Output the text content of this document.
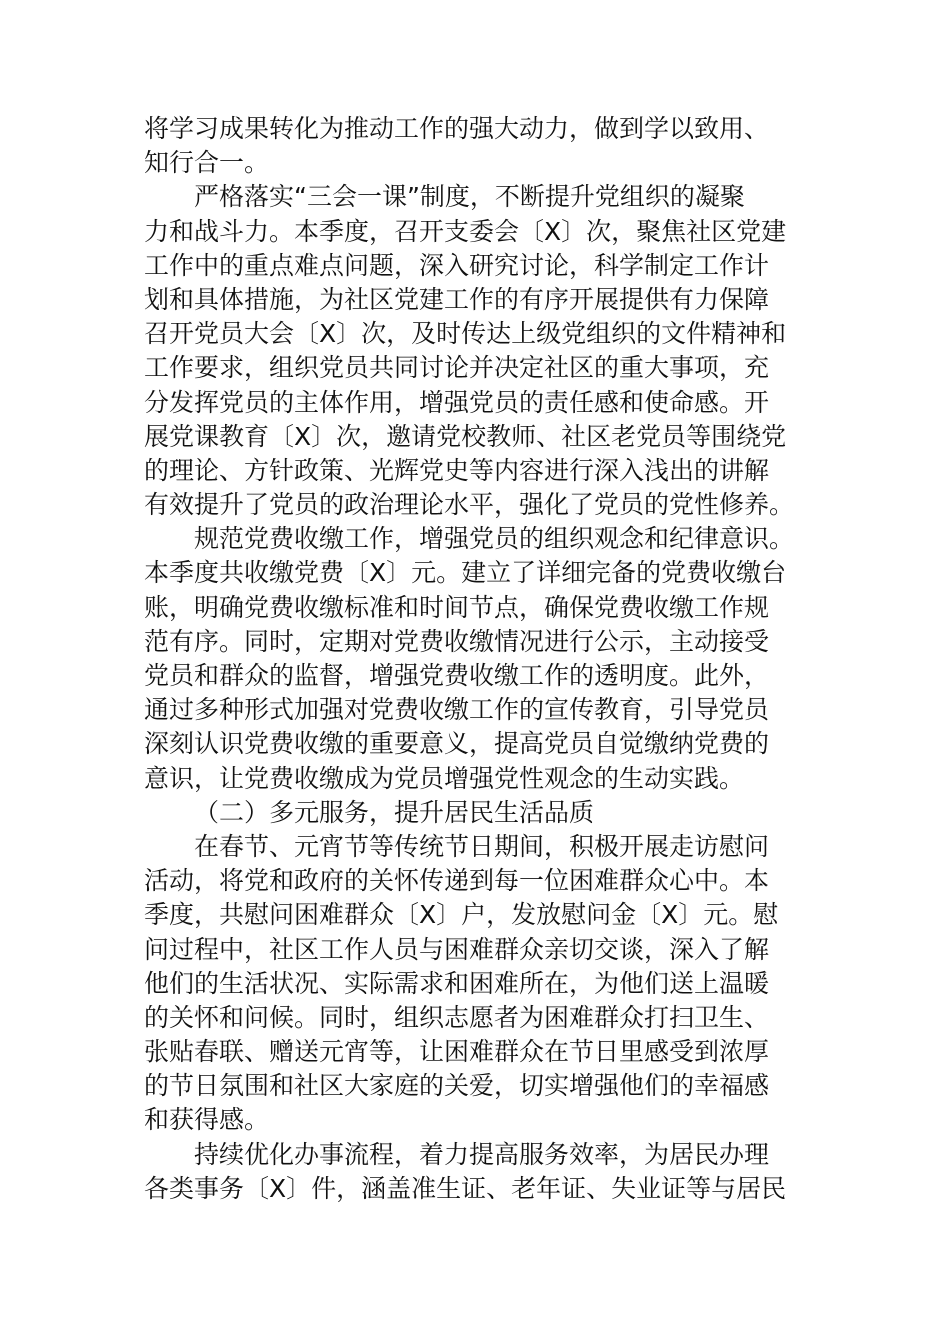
将学习成果转化为推动工作的强大动力，做到学以致用、
知行合一。
严格落实“三会一课”制度，不断提升党组织的凝聚
力和战斗力。本季度，召开支委会〔X〕次，聚焦社区党建
工作中的重点难点问题，深入研究讨论，科学制定工作计
划和具体措施，为社区党建工作的有序开展提供有力保障
召开党员大会〔X〕次，及时传达上级党组织的文件精神和
工作要求，组织党员共同讨论并决定社区的重大事项，充
分发挥党员的主体作用，增强党员的责任感和使命感。开
展党课教育〔X〕次，邀请党校教师、社区老党员等围绕党
的理论、方针政策、光辉党史等内容进行深入浅出的讲解
有效提升了党员的政治理论水平，强化了党员的党性修养。
规范党费收缴工作，增强党员的组织观念和纪律意识。
本季度共收缴党费〔X〕元。建立了详细完备的党费收缴台
账，明确党费收缴标准和时间节点，确保党费收缴工作规
范有序。同时，定期对党费收缴情况进行公示，主动接受
党员和群众的监督，增强党费收缴工作的透明度。此外，
通过多种形式加强对党费收缴工作的宣传教育，引导党员
深刻认识党费收缴的重要意义，提高党员自觉缴纳党费的
意识，让党费收缴成为党员增强党性观念的生动实践。
（二）多元服务，提升居民生活品质
在春节、元宵节等传统节日期间，积极开展走访慰问
活动，将党和政府的关怀传递到每一位困难群众心中。本
季度，共慰问困难群众〔X〕户，发放慰问金〔X〕元。慰
问过程中，社区工作人员与困难群众亲切交谈，深入了解
他们的生活状况、实际需求和困难所在，为他们送上温暖
的关怀和问候。同时，组织志愿者为困难群众打扫卫生、
张贴春联、赠送元宵等，让困难群众在节日里感受到浓厚
的节日氛围和社区大家庭的关爱，切实增强他们的幸福感
和获得感。
持续优化办事流程，着力提高服务效率，为居民办理
各类事务〔X〕件，涵盖准生证、老年证、失业证等与居民
